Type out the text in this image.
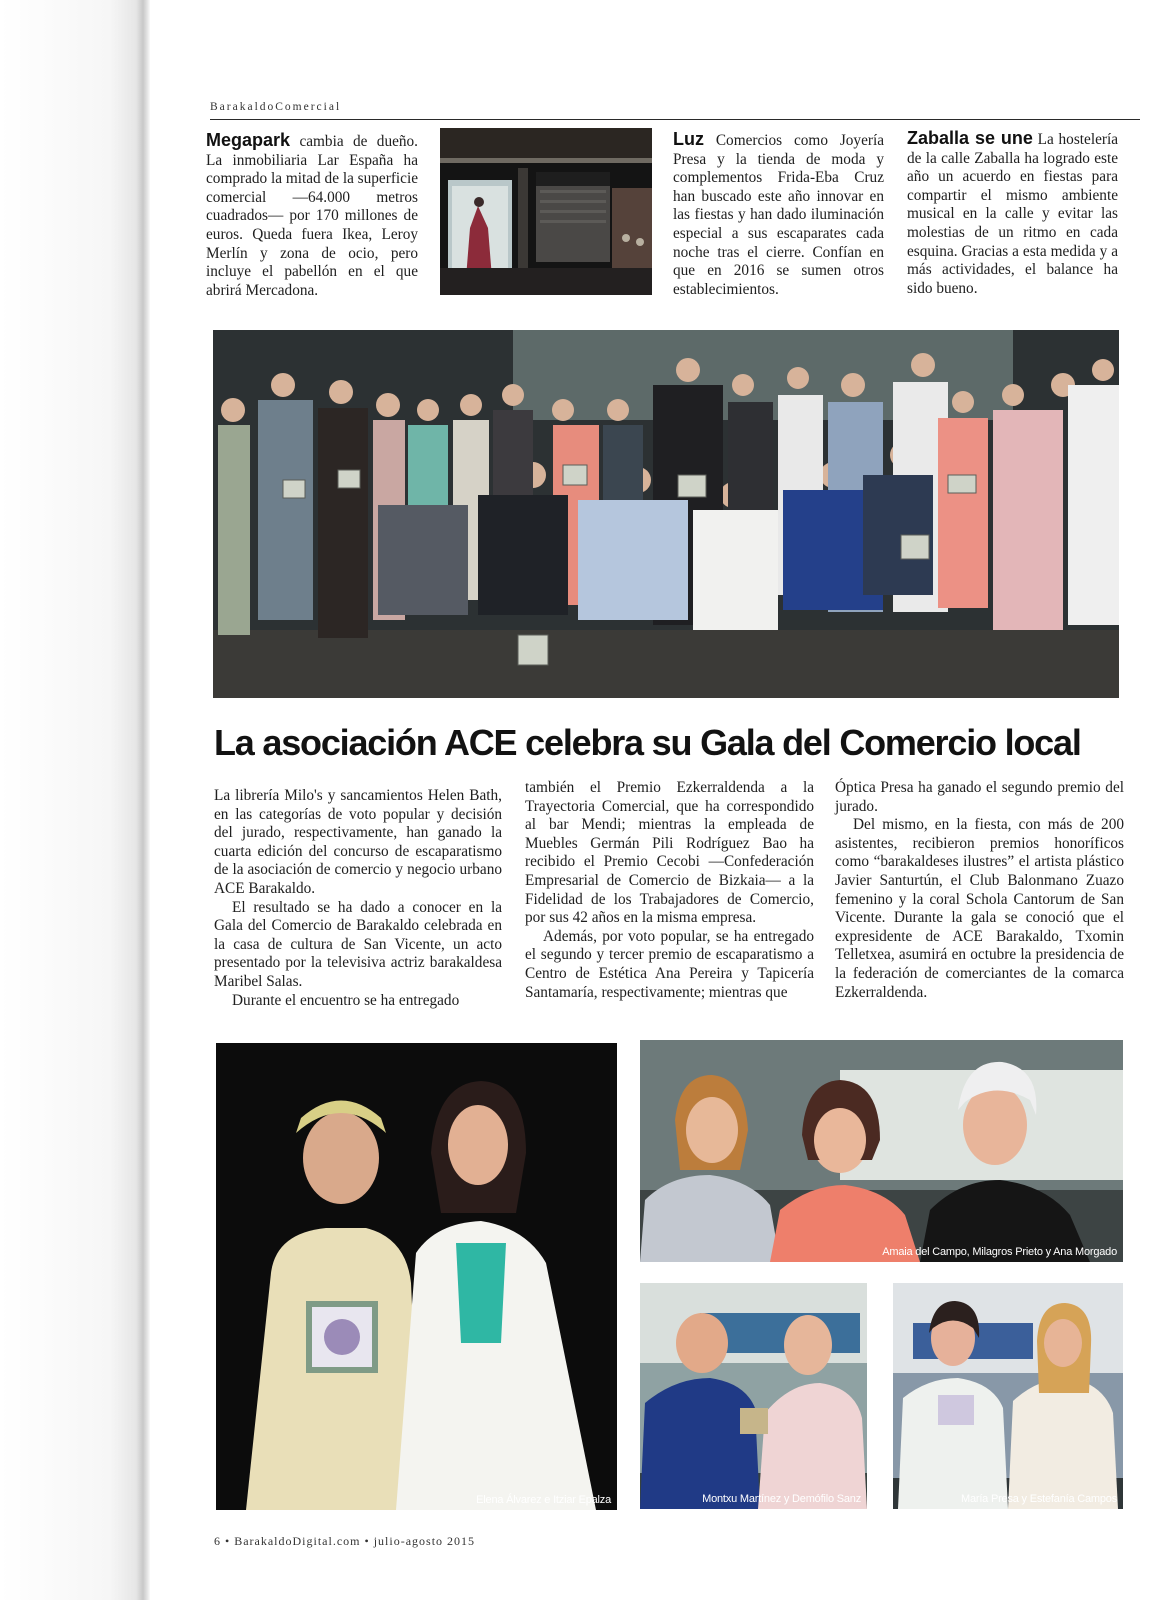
BarakaldoComercial

Megapark cambia de dueño. La inmobiliaria Lar España ha comprado la mitad de la superficie comercial —64.000 metros cuadrados— por 170 millones de euros. Queda fuera Ikea, Leroy Merlín y zona de ocio, pero incluye el pabellón en el que abrirá Mercadona.

Luz Comercios como Joyería Presa y la tienda de moda y complementos Frida-Eba Cruz han buscado este año innovar en las fiestas y han dado iluminación especial a sus escaparates cada noche tras el cierre. Confían en que en 2016 se sumen otros establecimientos.

Zaballa se une La hostelería de la calle Zaballa ha logrado este año un acuerdo en fiestas para compartir el mismo ambiente musical en la calle y evitar las molestias de un ritmo en cada esquina. Gracias a esta medida y a más actividades, el balance ha sido bueno.

La asociación ACE celebra su Gala del Comercio local

La librería Milo's y sancamientos Helen Bath, en las categorías de voto popular y decisión del jurado, respectivamente, han ganado la cuarta edición del concurso de escaparatismo de la asociación de comercio y negocio urbano ACE Barakaldo.

El resultado se ha dado a conocer en la Gala del Comercio de Barakaldo celebrada en la casa de cultura de San Vicente, un acto presentado por la televisiva actriz barakaldesa Maribel Salas.

Durante el encuentro se ha entregado

también el Premio Ezkerraldenda a la Trayectoria Comercial, que ha correspondido al bar Mendi; mientras la empleada de Muebles Germán Pili Rodríguez Bao ha recibido el Premio Cecobi —Confederación Empresarial de Comercio de Bizkaia— a la Fidelidad de los Trabajadores de Comercio, por sus 42 años en la misma empresa.

Además, por voto popular, se ha entregado el segundo y tercer premio de escaparatismo a Centro de Estética Ana Pereira y Tapicería Santamaría, respectivamente; mientras que

Óptica Presa ha ganado el segundo premio del jurado.

Del mismo, en la fiesta, con más de 200 asistentes, recibieron premios honoríficos como “barakaldeses ilustres” el artista plástico Javier Santurtún, el Club Balonmano Zuazo femenino y la coral Schola Cantorum de San Vicente. Durante la gala se conoció que el expresidente de ACE Barakaldo, Txomin Telletxea, asumirá en octubre la presidencia de la federación de comerciantes de la comarca Ezkerraldenda.

Elena Álvarez e Itziar Epalza
Amaia del Campo, Milagros Prieto y Ana Morgado
Montxu Martínez y Demófilo Sanz	María Presa y Estefanía Campos
6 • BarakaldoDigital.com • julio-agosto 2015
